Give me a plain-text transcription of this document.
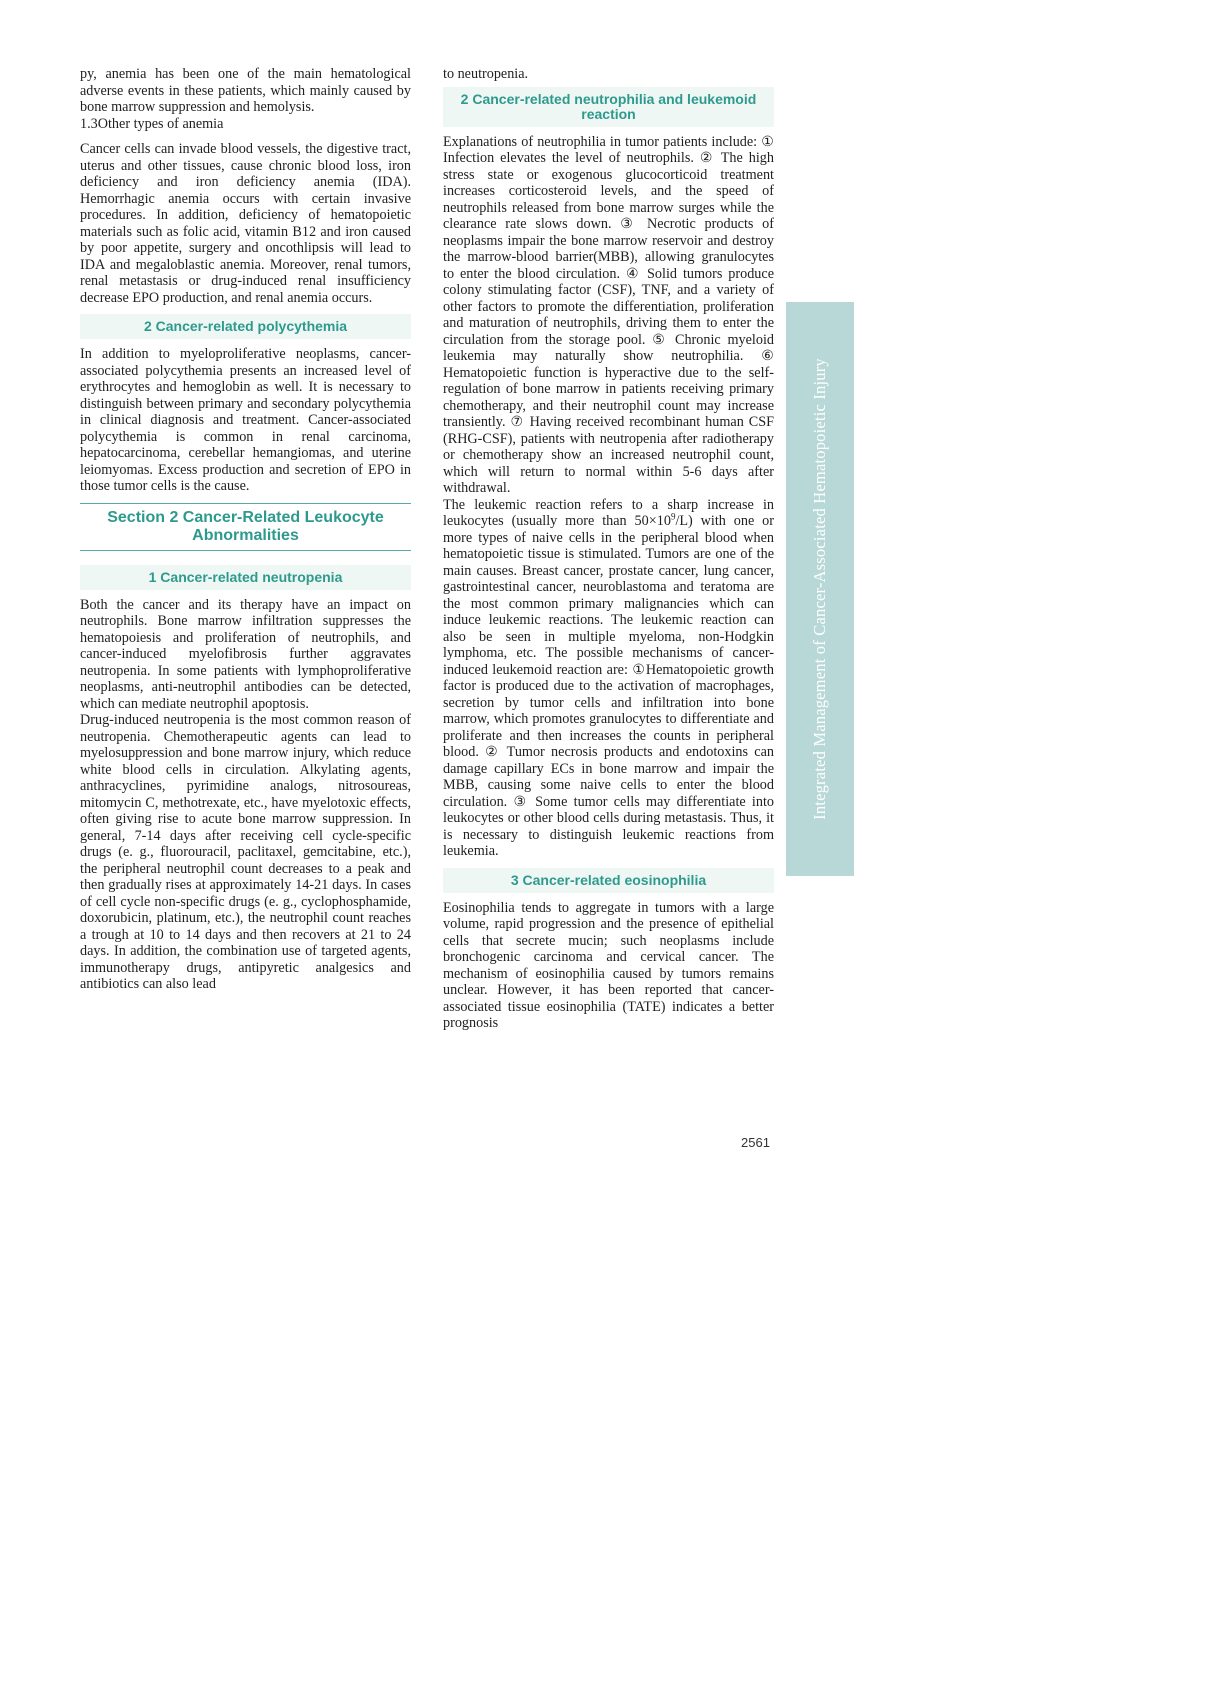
py, anemia has been one of the main hematological adverse events in these patients, which mainly caused by bone marrow suppression and hemolysis.

1.3Other types of anemia

Cancer cells can invade blood vessels, the digestive tract, uterus and other tissues, cause chronic blood loss, iron deficiency and iron deficiency anemia (IDA). Hemorrhagic anemia occurs with certain invasive procedures. In addition, deficiency of hematopoietic materials such as folic acid, vitamin B12 and iron caused by poor appetite, surgery and oncothlipsis will lead to IDA and megaloblastic anemia. Moreover, renal tumors, renal metastasis or drug-induced renal insufficiency decrease EPO production, and renal anemia occurs.

2 Cancer-related polycythemia

In addition to myeloproliferative neoplasms, cancer-associated polycythemia presents an increased level of erythrocytes and hemoglobin as well. It is necessary to distinguish between primary and secondary polycythemia in clinical diagnosis and treatment. Cancer-associated polycythemia is common in renal carcinoma, hepatocarcinoma, cerebellar hemangiomas, and uterine leiomyomas. Excess production and secretion of EPO in those tumor cells is the cause.

Section 2 Cancer-Related Leukocyte Abnormalities
1 Cancer-related neutropenia

Both the cancer and its therapy have an impact on neutrophils. Bone marrow infiltration suppresses the hematopoiesis and proliferation of neutrophils, and cancer-induced myelofibrosis further aggravates neutropenia. In some patients with lymphoproliferative neoplasms, anti-neutrophil antibodies can be detected, which can mediate neutrophil apoptosis.

Drug-induced neutropenia is the most common reason of neutropenia. Chemotherapeutic agents can lead to myelosuppression and bone marrow injury, which reduce white blood cells in circulation. Alkylating agents, anthracyclines, pyrimidine analogs, nitrosoureas, mitomycin C, methotrexate, etc., have myelotoxic effects, often giving rise to acute bone marrow suppression. In general, 7-14 days after receiving cell cycle-specific drugs (e. g., fluorouracil, paclitaxel, gemcitabine, etc.), the peripheral neutrophil count decreases to a peak and then gradually rises at approximately 14-21 days. In cases of cell cycle non-specific drugs (e. g., cyclophosphamide, doxorubicin, platinum, etc.), the neutrophil count reaches a trough at 10 to 14 days and then recovers at 21 to 24 days. In addition, the combination use of targeted agents, immunotherapy drugs, antipyretic analgesics and antibiotics can also lead

to neutropenia.

2 Cancer-related neutrophilia and leukemoid reaction

Explanations of neutrophilia in tumor patients include: ① Infection elevates the level of neutrophils. ② The high stress state or exogenous glucocorticoid treatment increases corticosteroid levels, and the speed of neutrophils released from bone marrow surges while the clearance rate slows down. ③ Necrotic products of neoplasms impair the bone marrow reservoir and destroy the marrow-blood barrier(MBB), allowing granulocytes to enter the blood circulation. ④ Solid tumors produce colony stimulating factor (CSF), TNF, and a variety of other factors to promote the differentiation, proliferation and maturation of neutrophils, driving them to enter the circulation from the storage pool. ⑤ Chronic myeloid leukemia may naturally show neutrophilia. ⑥ Hematopoietic function is hyperactive due to the self-regulation of bone marrow in patients receiving primary chemotherapy, and their neutrophil count may increase transiently. ⑦ Having received recombinant human CSF (RHG-CSF), patients with neutropenia after radiotherapy or chemotherapy show an increased neutrophil count, which will return to normal within 5-6 days after withdrawal.

The leukemic reaction refers to a sharp increase in leukocytes (usually more than $50\times 10^9/L$) with one or more types of naive cells in the peripheral blood when hematopoietic tissue is stimulated. Tumors are one of the main causes. Breast cancer, prostate cancer, lung cancer, gastrointestinal cancer, neuroblastoma and teratoma are the most common primary malignancies which can induce leukemic reactions. The leukemic reaction can also be seen in multiple myeloma, non-Hodgkin lymphoma, etc. The possible mechanisms of cancer-induced leukemoid reaction are: ①Hematopoietic growth factor is produced due to the activation of macrophages, secretion by tumor cells and infiltration into bone marrow, which promotes granulocytes to differentiate and proliferate and then increases the counts in peripheral blood. ② Tumor necrosis products and endotoxins can damage capillary ECs in bone marrow and impair the MBB, causing some naive cells to enter the blood circulation. ③ Some tumor cells may differentiate into leukocytes or other blood cells during metastasis. Thus, it is necessary to distinguish leukemic reactions from leukemia.

3 Cancer-related eosinophilia

Eosinophilia tends to aggregate in tumors with a large volume, rapid progression and the presence of epithelial cells that secrete mucin; such neoplasms include bronchogenic carcinoma and cervical cancer. The mechanism of eosinophilia caused by tumors remains unclear. However, it has been reported that cancer-associated tissue eosinophilia (TATE) indicates a better prognosis

Integrated Management of Cancer-Associated Hematopoietic Injury
2561
